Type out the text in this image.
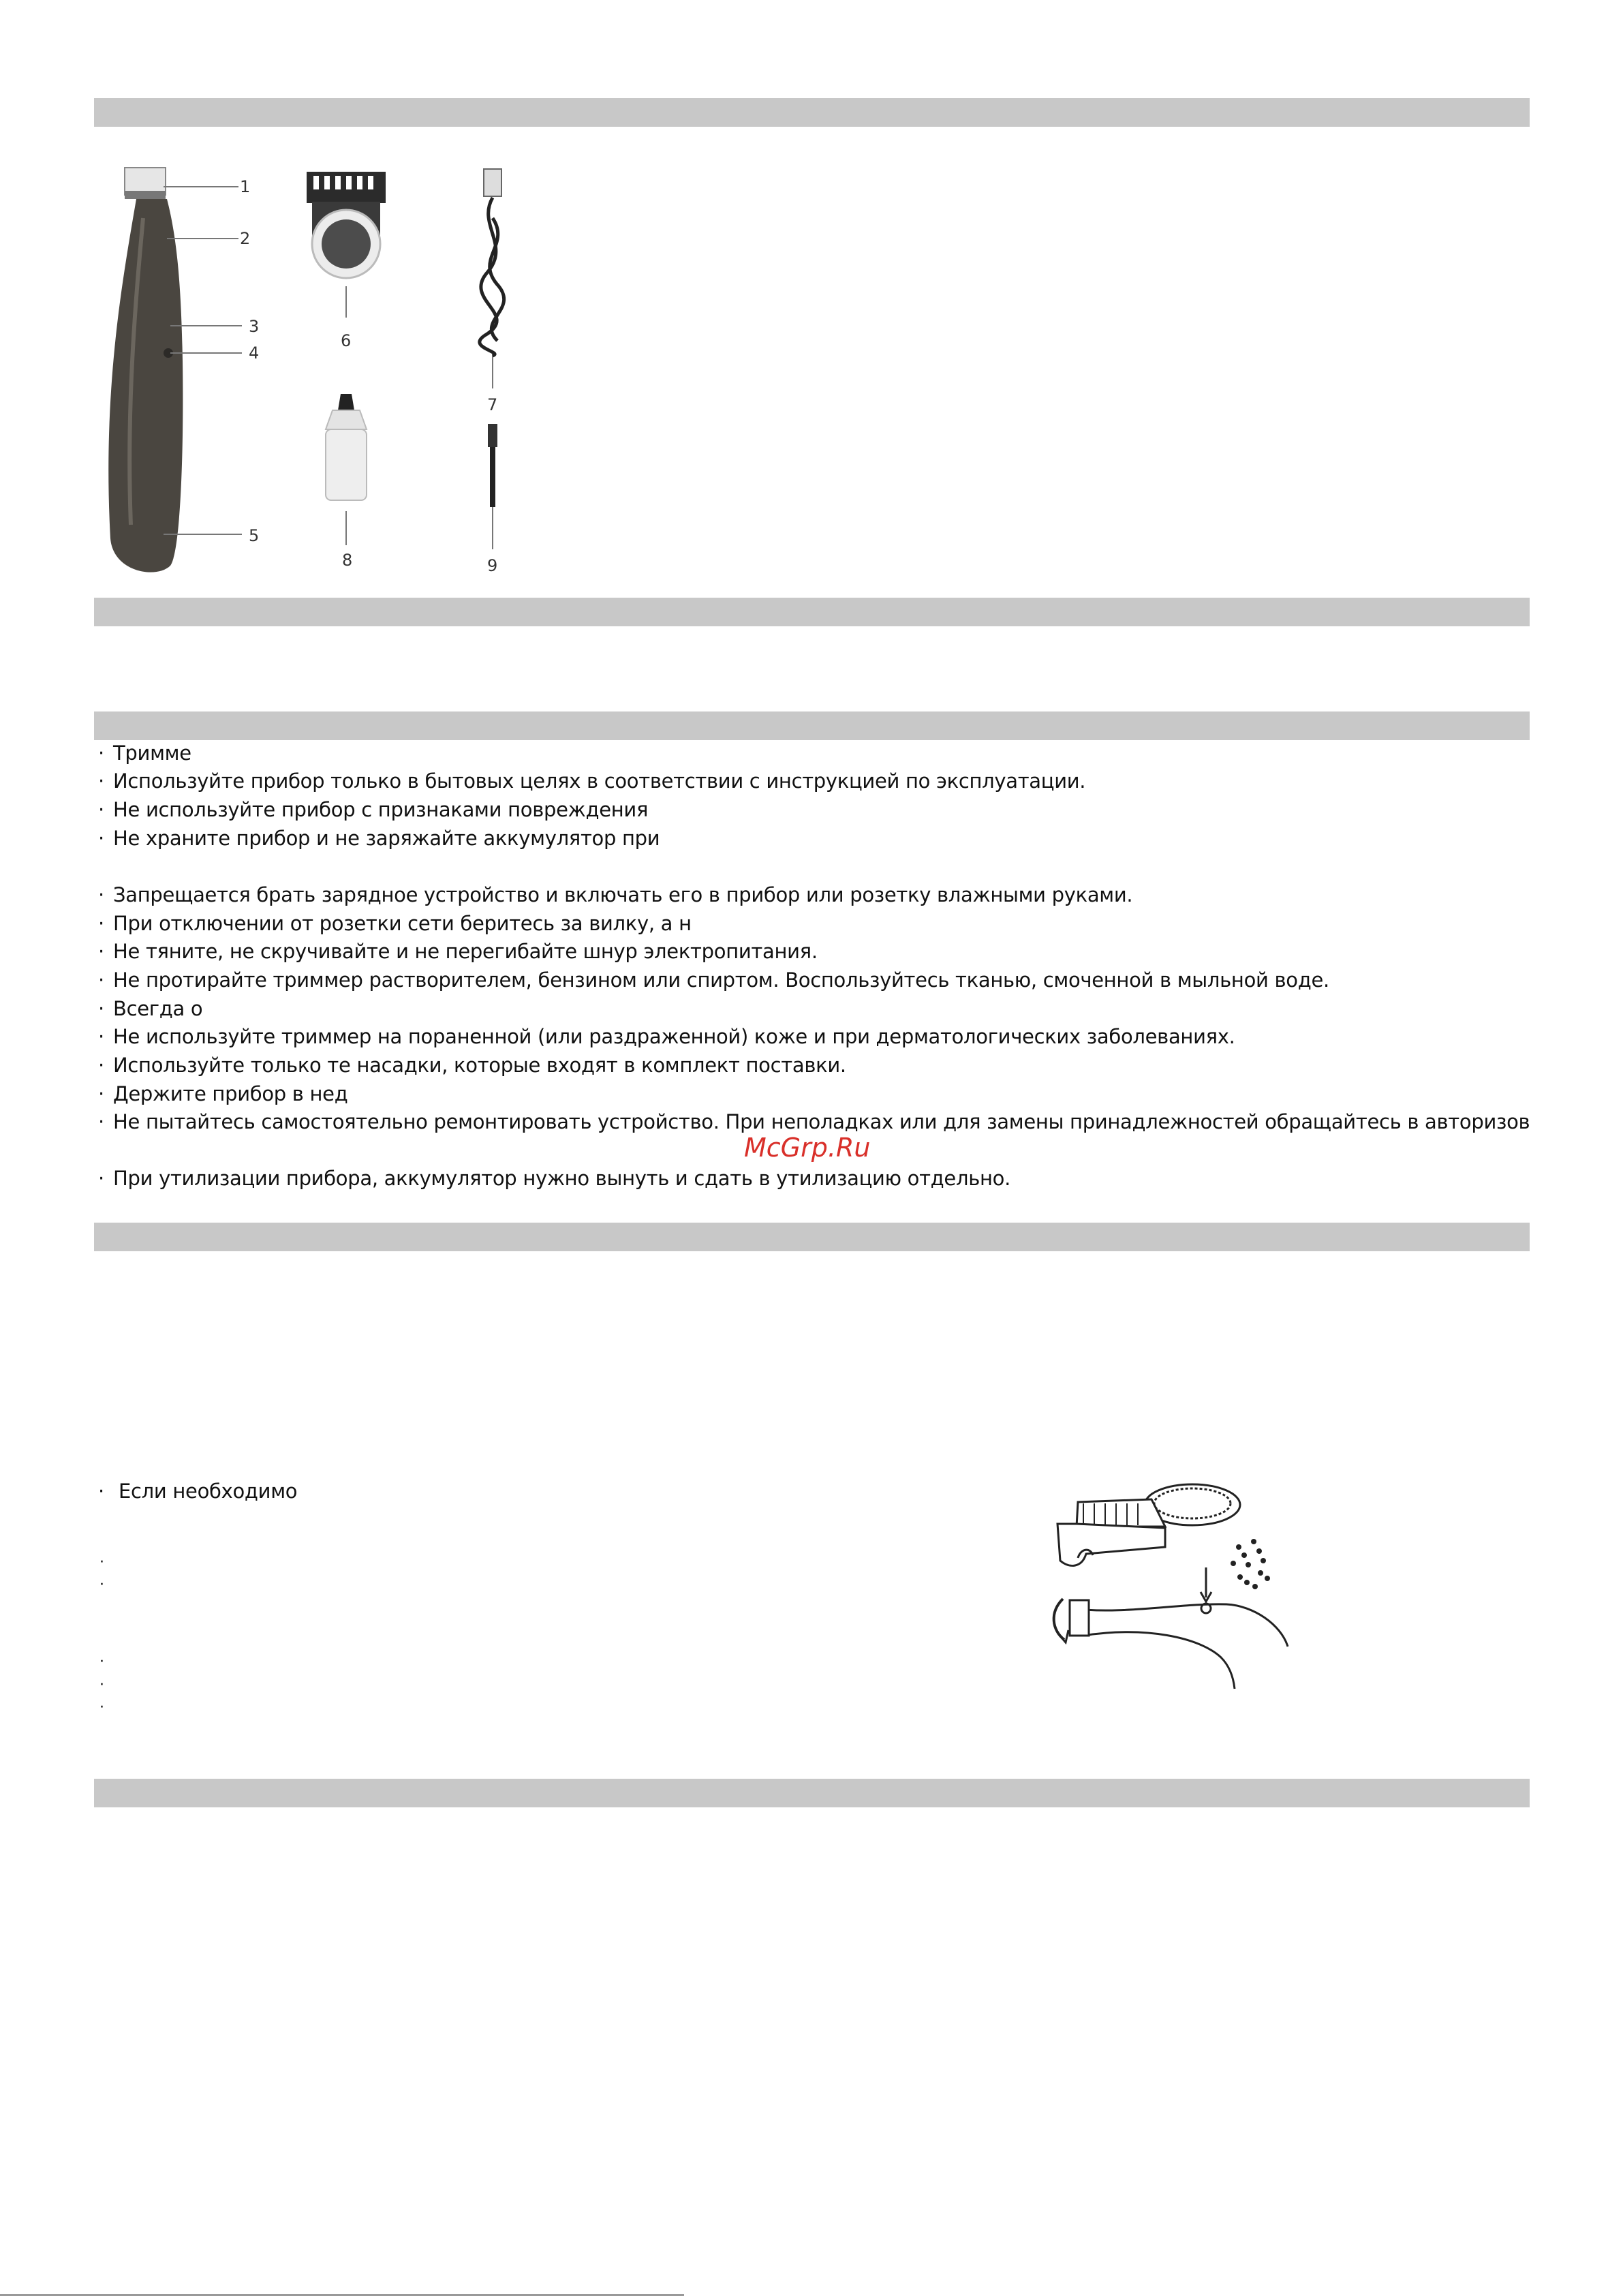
1
2
3
4
5
6
7
8	9
· Тримме
· Используйте прибор только в бытовых целях в соответствии с инструкцией по эксплуатации.
· Не используйте прибор с признаками повреждения
· Не храните прибор и не заряжайте аккумулятор при
· Запрещается брать зарядное устройство и включать его в прибор или розетку влажными руками.
· При отключении от розетки сети беритесь за вилку, а н
· Не тяните, не скручивайте и не перегибайте шнур электропитания.
· Не протирайте триммер растворителем, бензином или спиртом. Воспользуйтесь тканью, смоченной в мыльной воде.
· Всегда о
· Не используйте триммер на пораненной (или раздраженной) коже и при дерматологических заболеваниях.
· Используйте только те насадки, которые входят в комплект поставки.
· Держите прибор в нед
· Не пытайтесь самостоятельно ремонтировать устройство. При неполадках или для замены принадлежностей обращайтесь в авторизов
McGrp.Ru
· При утилизации прибора, аккумулятор нужно вынуть и сдать в утилизацию отдельно.
· Если необходимо
·
·
·
·
·
